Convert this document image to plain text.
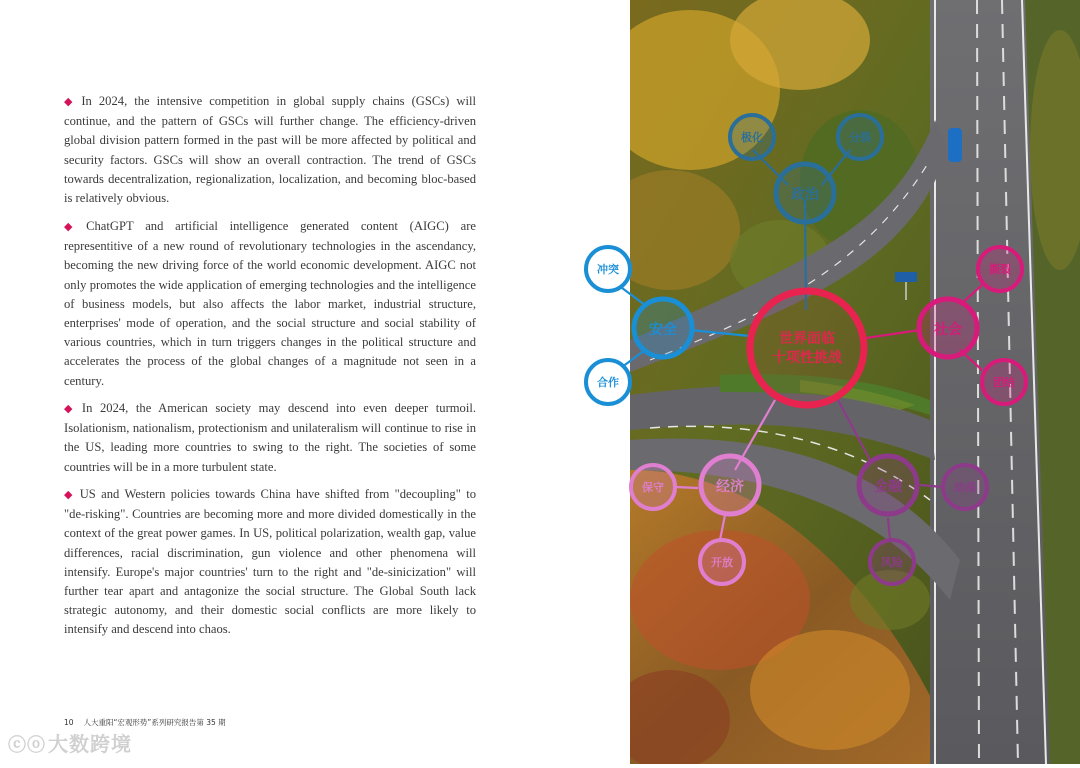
◆ In 2024, the intensive competition in global supply chains (GSCs) will continue, and the pattern of GSCs will further change. The efficiency-driven global division pattern formed in the past will be more affected by political and security factors. GSCs will show an overall contraction. The trend of GSCs towards decentralization, regionalization, localization, and becoming bloc-based is relatively obvious.

◆ ChatGPT and artificial intelligence generated content (AIGC) are representitive of a new round of revolutionary technologies in the ascendancy, becoming the new driving force of the world economic development. AIGC not only promotes the wide application of emerging technologies and the intelligence of business models, but also affects the labor market, industrial structure, enterprises' mode of operation, and the social structure and social stability of various countries, which in turn triggers changes in the political structure and accelerates the process of the global changes of a magnitude not seen in a century.

◆ In 2024, the American society may descend into even deeper turmoil. Isolationism, nationalism, protectionism and unilateralism will continue to rise in the US, leading more countries to swing to the right. The societies of some countries will be in a more turbulent state.

◆ US and Western policies towards China have shifted from "decoupling" to "de-risking". Countries are becoming more and more divided domestically in the context of the great power games. In US, political polarization, wealth gap, value differences, racial discrimination, gun violence and other phenomena will intensify. Europe's major countries' turn to the right and "de-sinicization" will further tear apart and antagonize the social structure. The Global South lack strategic autonomy, and their domestic social conflicts are more likely to intensify and descend into chaos.

10 人大重阳“宏观形势”系列研究报告第 35 期
ⓒⓞ 大数跨境
世界面临
十项性挑战
政治
极化	分裂
安全
冲突
合作
社会
撕裂
团结
经济
保守
开放
金融	动荡
风险
